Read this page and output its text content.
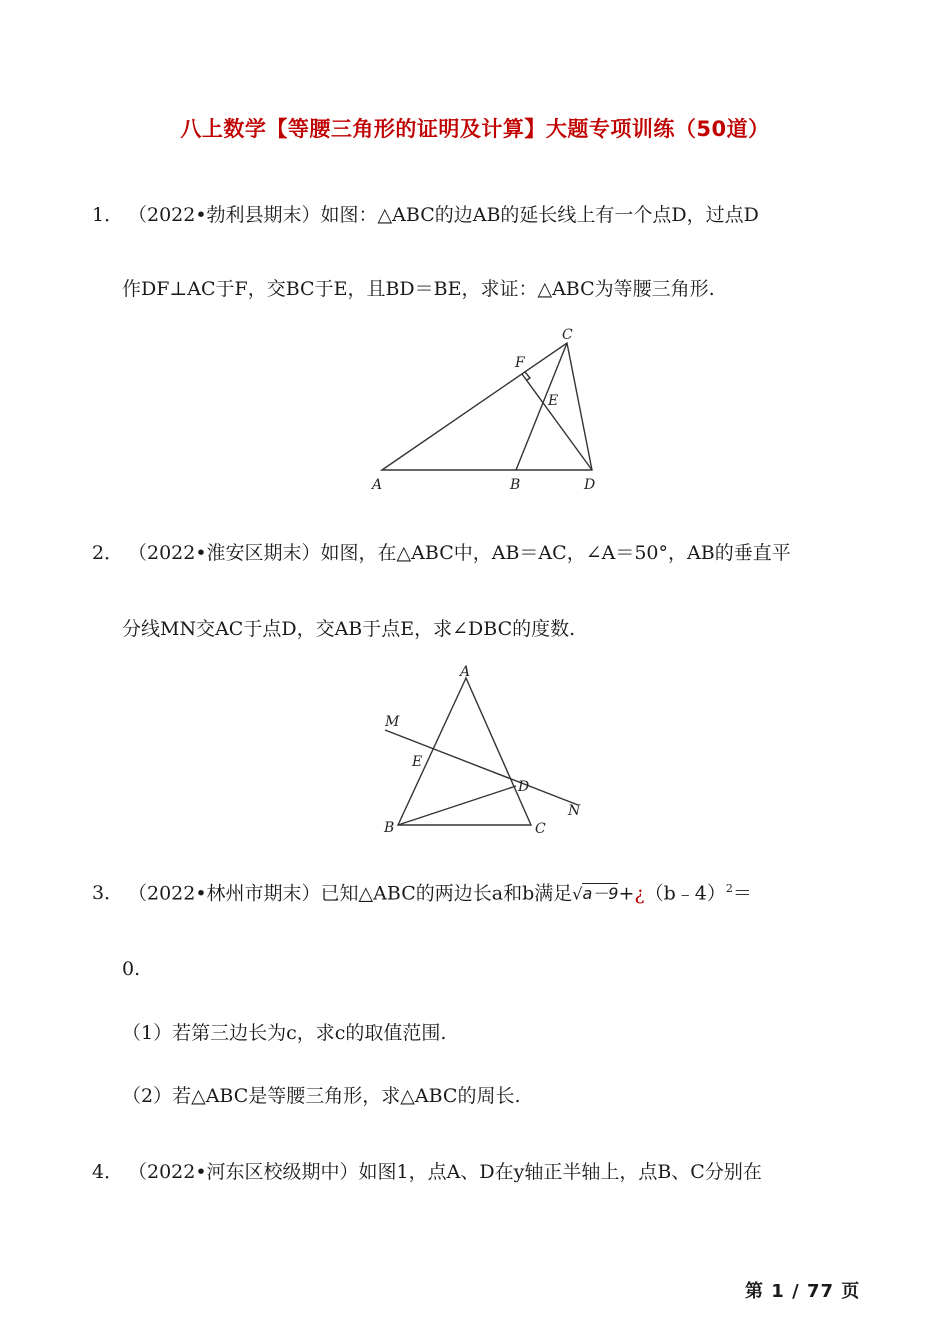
八上数学【等腰三角形的证明及计算】大题专项训练（50道）
1． （2022•勃利县期末）如图：△ABC的边AB的延长线上有一个点D，过点D
作DF⊥AC于F，交BC于E，且BD＝BE，求证：△ABC为等腰三角形.
A	B
C
D
E
F
2． （2022•淮安区期末）如图，在△ABC中，AB＝AC，∠A＝50°，AB的垂直平
分线MN交AC于点D，交AB于点E，求∠DBC的度数.
A
B	C
D
E
M
N
3． （2022•林州市期末）已知△ABC的两边长a和b满足√a－9+¿（b﹣4）$^2$＝
0.
（1）若第三边长为c，求c的取值范围.
（2）若△ABC是等腰三角形，求△ABC的周长.
4． （2022•河东区校级期中）如图1，点A、D在y轴正半轴上，点B、C分别在
第 1 / 77 页
